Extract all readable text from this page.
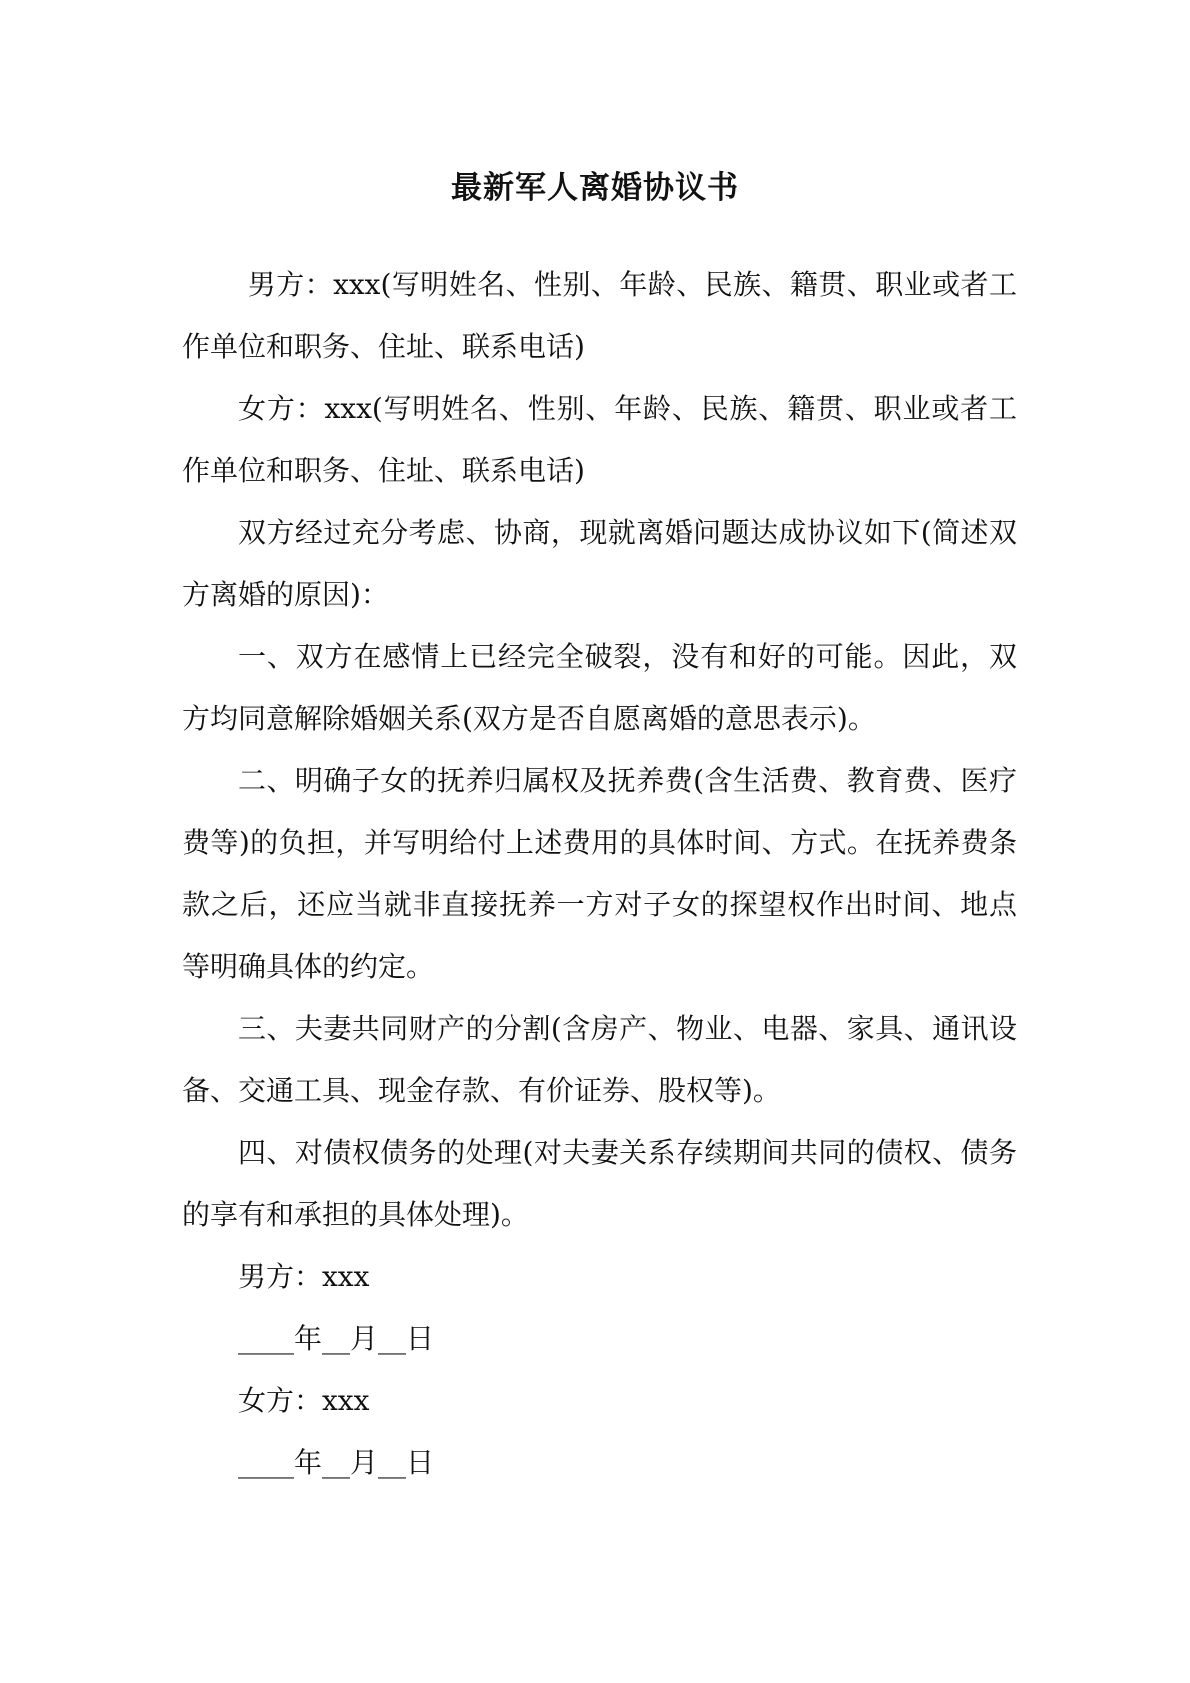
最新军人离婚协议书

男方：xxx(写明姓名、性别、年龄、民族、籍贯、职业或者工作单位和职务、住址、联系电话)

女方：xxx(写明姓名、性别、年龄、民族、籍贯、职业或者工作单位和职务、住址、联系电话)

双方经过充分考虑、协商，现就离婚问题达成协议如下(简述双方离婚的原因)：

一、双方在感情上已经完全破裂，没有和好的可能。因此，双方均同意解除婚姻关系(双方是否自愿离婚的意思表示)。

二、明确子女的抚养归属权及抚养费(含生活费、教育费、医疗费等)的负担，并写明给付上述费用的具体时间、方式。在抚养费条款之后，还应当就非直接抚养一方对子女的探望权作出时间、地点等明确具体的约定。

三、夫妻共同财产的分割(含房产、物业、电器、家具、通讯设备、交通工具、现金存款、有价证券、股权等)。

四、对债权债务的处理(对夫妻关系存续期间共同的债权、债务的享有和承担的具体处理)。

男方：xxx

____年__月__日

女方：xxx

____年__月__日
